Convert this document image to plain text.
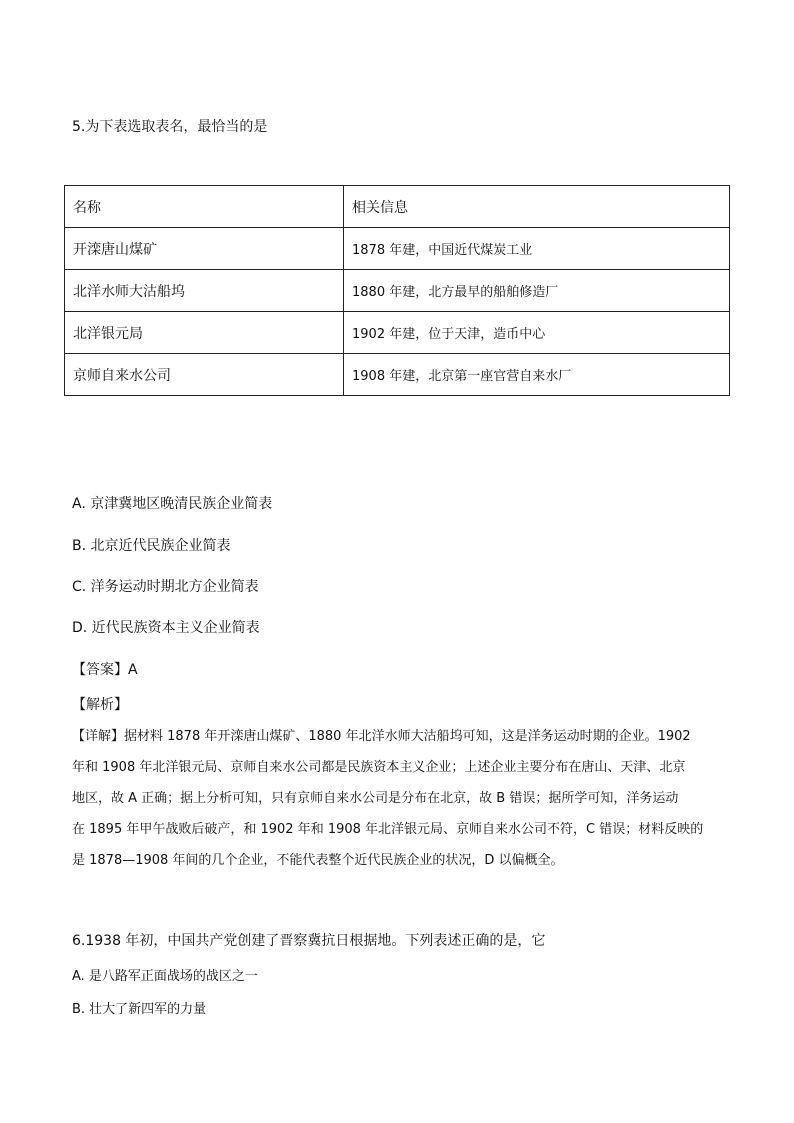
5.为下表选取表名，最恰当的是
名称	相关信息
开滦唐山煤矿	1878 年建，中国近代煤炭工业
北洋水师大沽船坞	1880 年建，北方最早的船舶修造厂
北洋银元局	1902 年建，位于天津，造币中心
京师自来水公司	1908 年建，北京第一座官营自来水厂
A. 京津冀地区晚清民族企业简表
B. 北京近代民族企业简表
C. 洋务运动时期北方企业简表
D. 近代民族资本主义企业简表
【答案】A
【解析】
【详解】据材料 1878 年开滦唐山煤矿、1880 年北洋水师大沽船坞可知，这是洋务运动时期的企业。1902
年和 1908 年北洋银元局、京师自来水公司都是民族资本主义企业；上述企业主要分布在唐山、天津、北京
地区，故 A 正确；据上分析可知，只有京师自来水公司是分布在北京，故 B 错误；据所学可知，洋务运动
在 1895 年甲午战败后破产，和 1902 年和 1908 年北洋银元局、京师自来水公司不符，C 错误；材料反映的
是 1878—1908 年间的几个企业，不能代表整个近代民族企业的状况，D 以偏概全。
6.1938 年初，中国共产党创建了晋察冀抗日根据地。下列表述正确的是，它
A. 是八路军正面战场的战区之一
B. 壮大了新四军的力量
